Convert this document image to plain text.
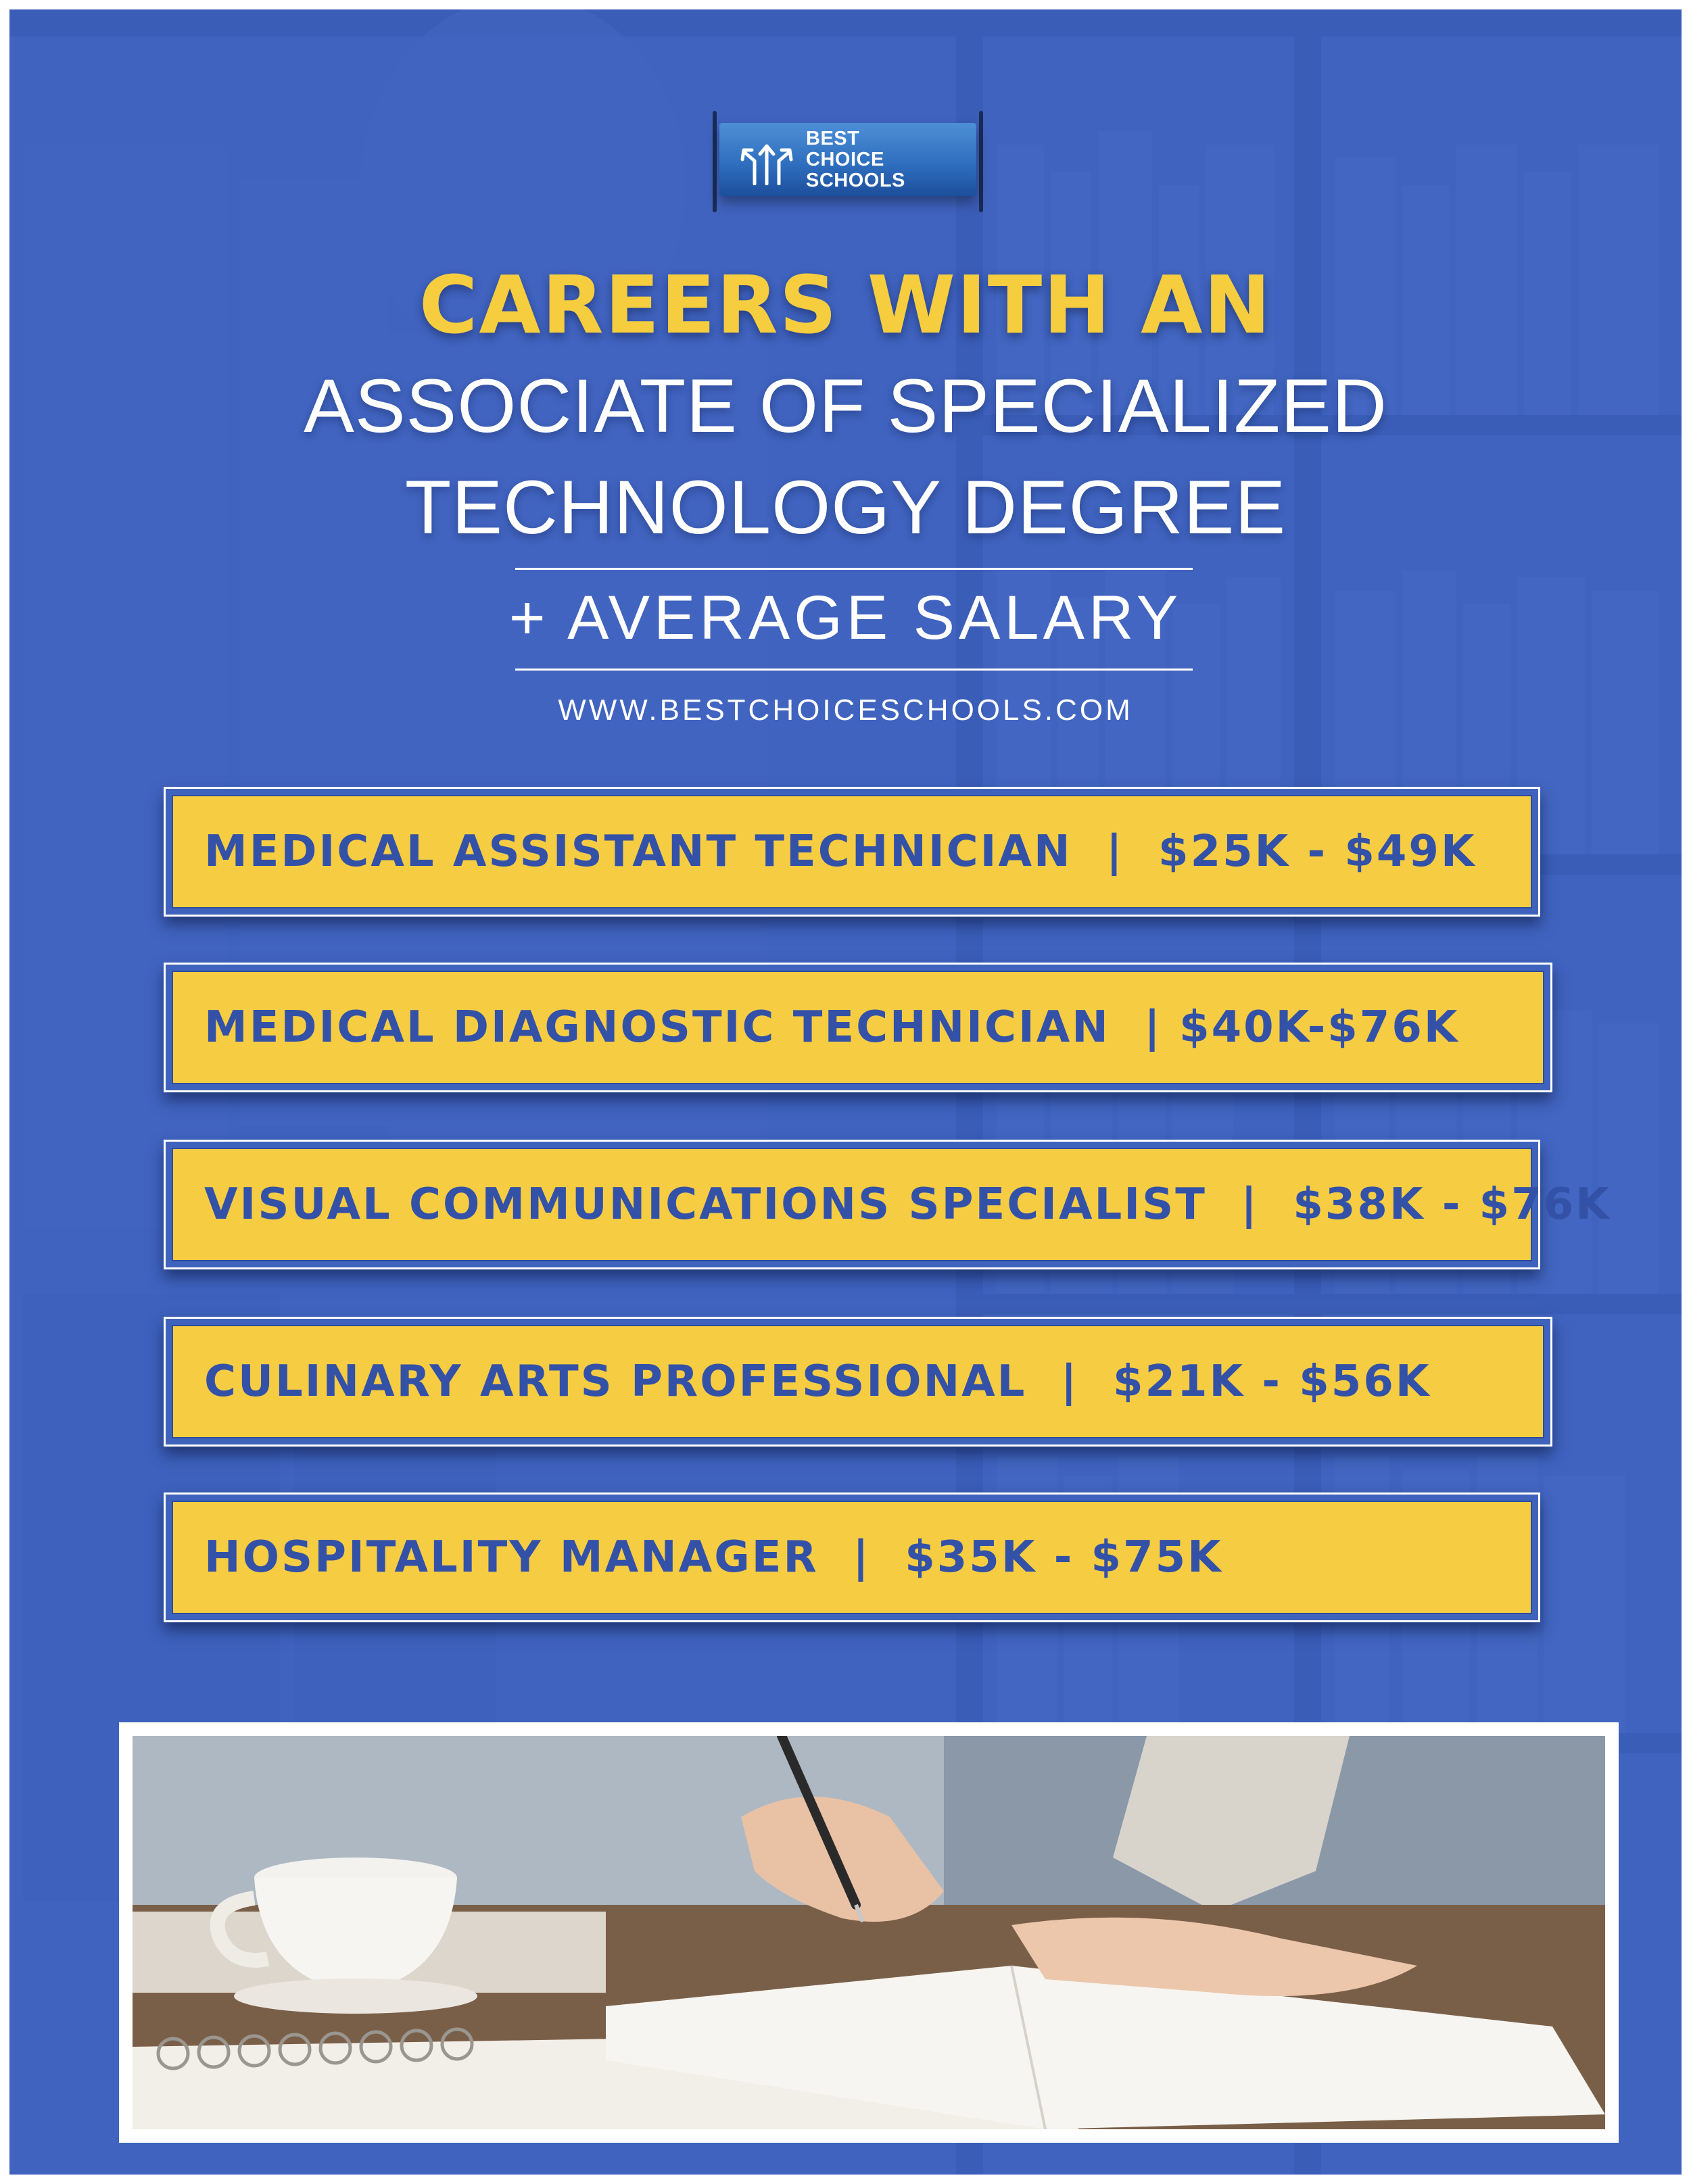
BEST
CHOICE
SCHOOLS
CAREERS WITH AN
ASSOCIATE OF SPECIALIZED
TECHNOLOGY DEGREE
+ AVERAGE SALARY
WWW.BESTCHOICESCHOOLS.COM
MEDICAL ASSISTANT TECHNICIAN  |  $25K - $49K
MEDICAL DIAGNOSTIC TECHNICIAN  | $40K-$76K
VISUAL COMMUNICATIONS SPECIALIST  |  $38K - $76K
CULINARY ARTS PROFESSIONAL  |  $21K - $56K
HOSPITALITY MANAGER  |  $35K - $75K
